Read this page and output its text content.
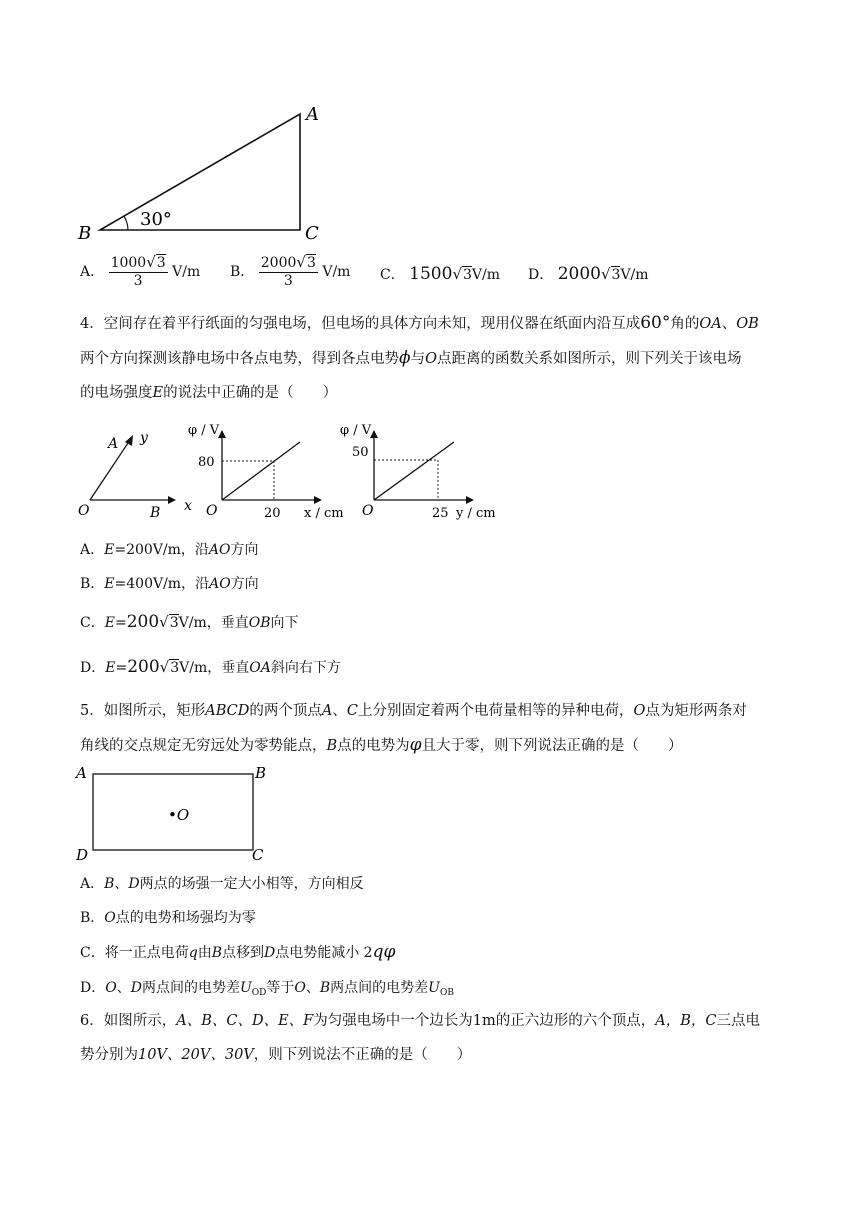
A
B	C
30°
A． $\frac{1000√3}{3} V/m$ B． $\frac{2000√3}{3} V/m$ C． 1500√3V/m D． 2000√3V/m
4．空间存在着平行纸面的匀强电场，但电场的具体方向未知，现用仪器在纸面内沿互成60°角的OA、OB
两个方向探测该静电场中各点电势，得到各点电势ϕ与O点距离的函数关系如图所示，则下列关于该电场
的电场强度E的说法中正确的是（　　）
A y
O	B x
φ / V
80
O	20 x / cm
φ / V
50
O	25 y / cm
A．E=200V/m，沿AO方向
B．E=400V/m，沿AO方向
C．E=200√3V/m，垂直OB向下
D．E=200√3V/m，垂直OA斜向右下方
5．如图所示，矩形ABCD的两个顶点A、C上分别固定着两个电荷量相等的异种电荷，O点为矩形两条对
角线的交点规定无穷远处为零势能点，B点的电势为φ且大于零，则下列说法正确的是（　　）
A	B
•O
D	C
A．B、D两点的场强一定大小相等，方向相反
B．O点的电势和场强均为零
C．将一正点电荷q由B点移到D点电势能减小 2qφ
D．O、D两点间的电势差$U_{OD}$等于O、B两点间的电势差$U_{OB}$
6．如图所示，A、B、C、D、E、F为匀强电场中一个边长为1m的正六边形的六个顶点，A，B，C三点电
势分别为10V、20V、30V，则下列说法不正确的是（　　）
